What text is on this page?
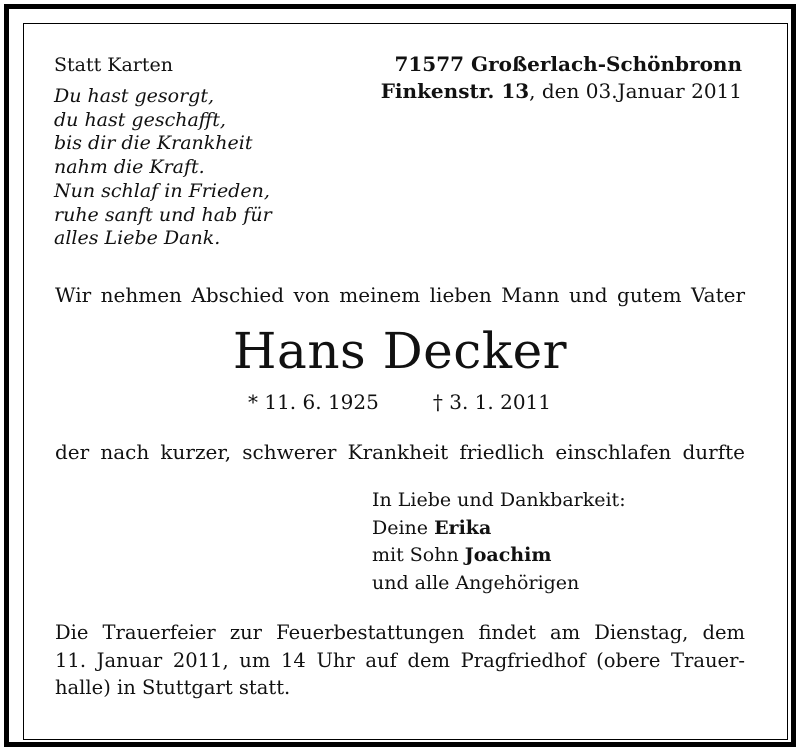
Statt Karten
Du hast gesorgt,
du hast geschafft,
bis dir die Krankheit
nahm die Kraft.
Nun schlaf in Frieden,
ruhe sanft und hab für
alles Liebe Dank.
71577 Großerlach-Schönbronn
Finkenstr. 13, den 03.Januar 2011
Wir nehmen Abschied von meinem lieben Mann und gutem Vater
Hans Decker
* 11. 6. 1925	† 3. 1. 2011
der nach kurzer, schwerer Krankheit friedlich einschlafen durfte
In Liebe und Dankbarkeit:
Deine Erika
mit Sohn Joachim
und alle Angehörigen
Die Trauerfeier zur Feuerbestattungen findet am Dienstag, dem
11. Januar 2011, um 14 Uhr auf dem Pragfriedhof (obere Trauer-
halle) in Stuttgart statt.
